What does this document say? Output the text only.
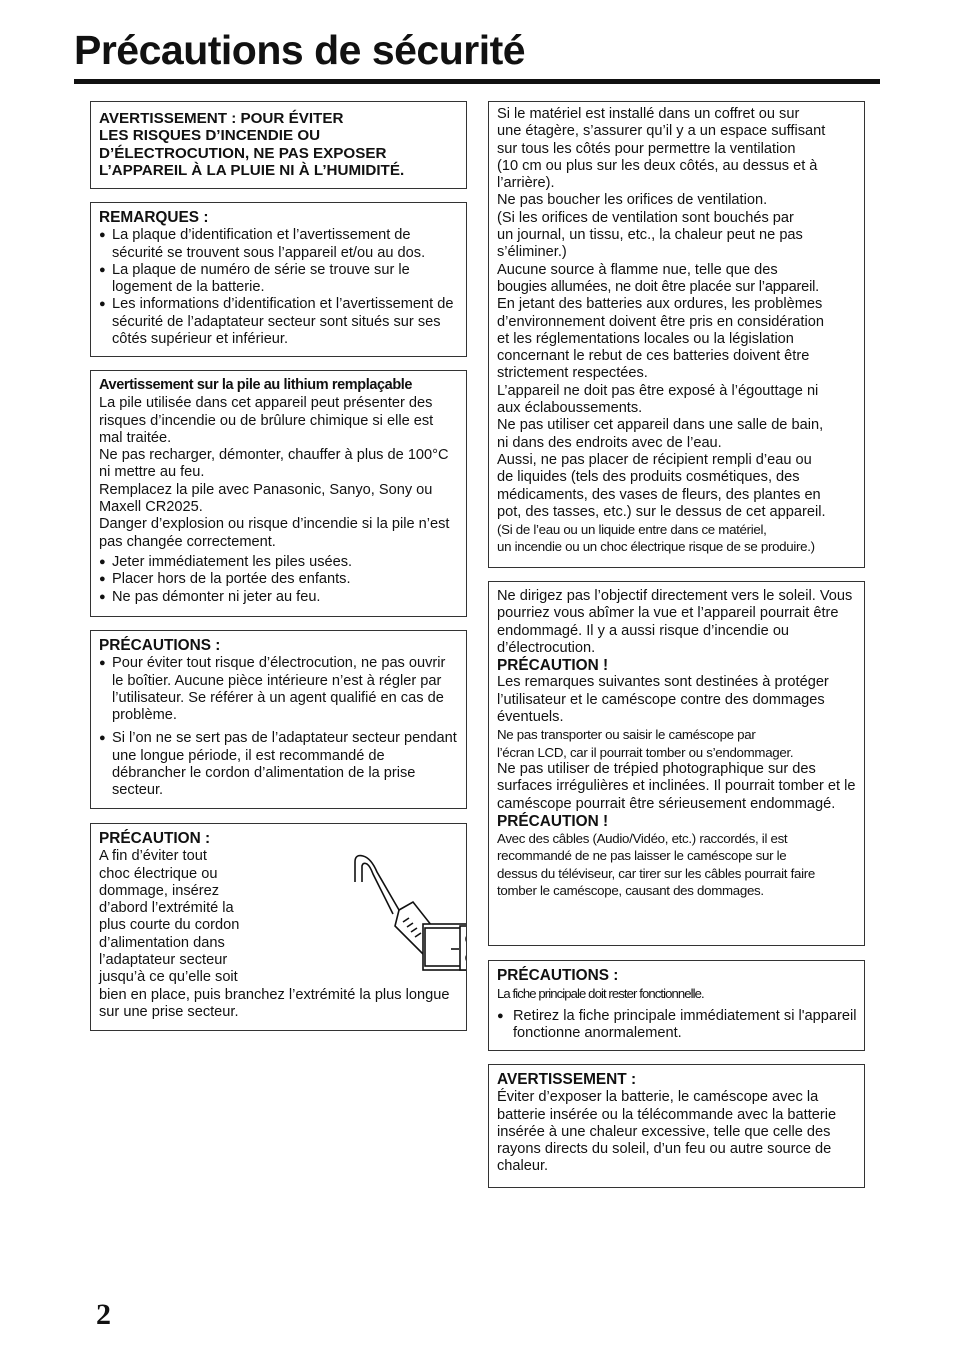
Précautions de sécurité

AVERTISSEMENT : POUR ÉVITER

LES RISQUES D’INCENDIE OU

D’ÉLECTROCUTION, NE PAS EXPOSER

L’APPAREIL À LA PLUIE NI À L’HUMIDITÉ.

REMARQUES :

● La plaque d’identification et l’avertissement de sécurité se trouvent sous l’appareil et/ou au dos.
● La plaque de numéro de série se trouve sur le logement de la batterie.
● Les informations d’identification et l’avertissement de sécurité de l’adaptateur secteur sont situés sur ses côtés supérieur et inférieur.

Avertissement sur la pile au lithium remplaçable

La pile utilisée dans cet appareil peut présenter des risques d’incendie ou de brûlure chimique si elle est mal traitée.

Ne pas recharger, démonter, chauffer à plus de 100°C ni mettre au feu.

Remplacez la pile avec Panasonic, Sanyo, Sony ou Maxell CR2025.

Danger d’explosion ou risque d’incendie si la pile n’est pas changée correctement.

● Jeter immédiatement les piles usées.
● Placer hors de la portée des enfants.
● Ne pas démonter ni jeter au feu.

PRÉCAUTIONS :

● Pour éviter tout risque d’électrocution, ne pas ouvrir le boîtier. Aucune pièce intérieure n’est à régler par l’utilisateur. Se référer à un agent qualifié en cas de problème.
● Si l’on ne se sert pas de l’adaptateur secteur pendant une longue période, il est recommandé de débrancher le cordon d’alimentation de la prise secteur.

PRÉCAUTION :

A fin d’éviter tout

choc électrique ou

dommage, insérez

d’abord l’extrémité la

plus courte du cordon

d’alimentation dans

l’adaptateur secteur

jusqu’à ce qu’elle soit

bien en place, puis branchez l’extrémité la plus longue sur une prise secteur.

2

Si le matériel est installé dans un coffret ou sur

une étagère, s’assurer qu’il y a un espace suffisant

sur tous les côtés pour permettre la ventilation

(10 cm ou plus sur les deux côtés, au dessus et à

l’arrière).

Ne pas boucher les orifices de ventilation.

(Si les orifices de ventilation sont bouchés par

un journal, un tissu, etc., la chaleur peut ne pas

s’éliminer.)

Aucune source à flamme nue, telle que des

bougies allumées, ne doit être placée sur l’appareil.

En jetant des batteries aux ordures, les problèmes

d’environnement doivent être pris en considération

et les réglementations locales ou la législation

concernant le rebut de ces batteries doivent être

strictement respectées.

L’appareil ne doit pas être exposé à l’égouttage ni

aux éclaboussements.

Ne pas utiliser cet appareil dans une salle de bain,

ni dans des endroits avec de l’eau.

Aussi, ne pas placer de récipient rempli d’eau ou

de liquides (tels des produits cosmétiques, des

médicaments, des vases de fleurs, des plantes en

pot, des tasses, etc.) sur le dessus de cet appareil.

(Si de l’eau ou un liquide entre dans ce matériel,

un incendie ou un choc électrique risque de se produire.)

Ne dirigez pas l’objectif directement vers le soleil. Vous pourriez vous abîmer la vue et l’appareil pourrait être endommagé. Il y a aussi risque d’incendie ou d’électrocution.

PRÉCAUTION !

Les remarques suivantes sont destinées à protéger l’utilisateur et le caméscope contre des dommages éventuels.

Ne pas transporter ou saisir le caméscope par

l’écran LCD, car il pourrait tomber ou s’endommager.

Ne pas utiliser de trépied photographique sur des surfaces irrégulières et inclinées. Il pourrait tomber et le caméscope pourrait être sérieusement endommagé.

PRÉCAUTION !

Avec des câbles (Audio/Vidéo, etc.) raccordés, il est

recommandé de ne pas laisser le caméscope sur le

dessus du téléviseur, car tirer sur les câbles pourrait faire

tomber le caméscope, causant des dommages.

PRÉCAUTIONS :

La fiche principale doit rester fonctionnelle.

● Retirez la fiche principale immédiatement si l'appareil fonctionne anormalement.

AVERTISSEMENT :

Éviter d’exposer la batterie, le caméscope avec la batterie insérée ou la télécommande avec la batterie insérée à une chaleur excessive, telle que celle des rayons directs du soleil, d’un feu ou autre source de chaleur.
